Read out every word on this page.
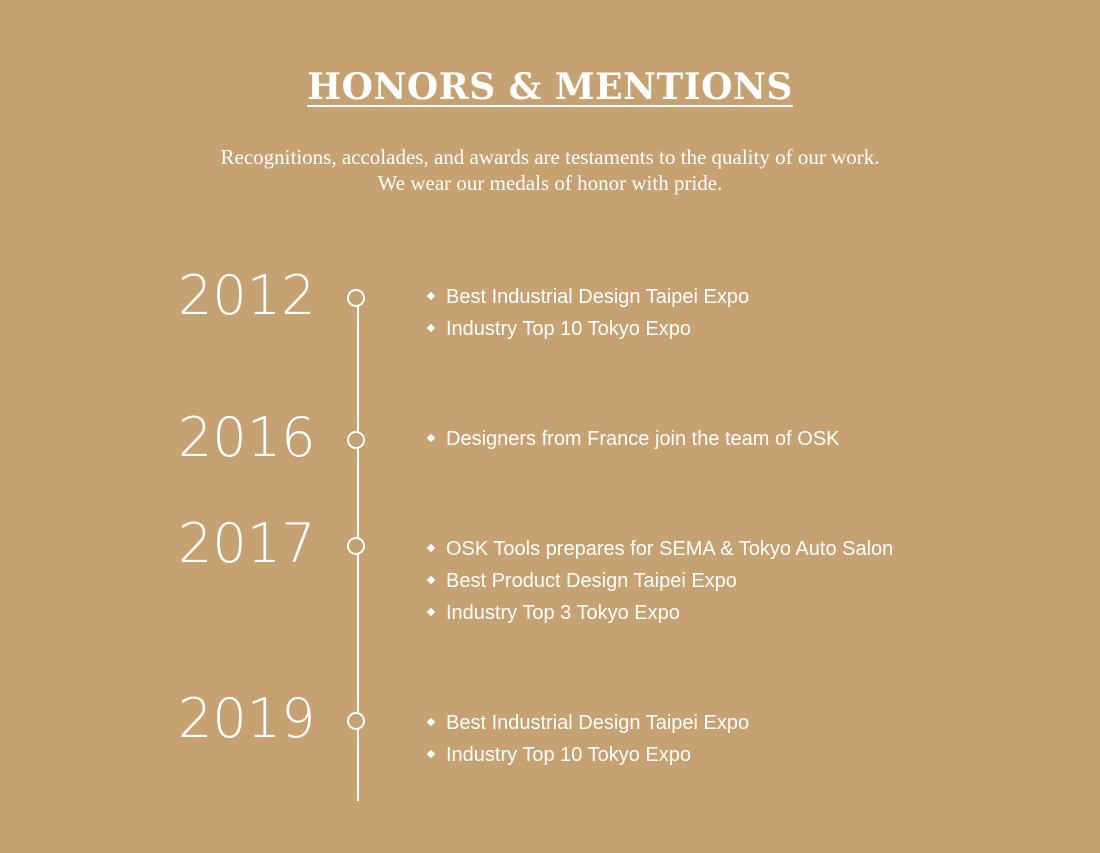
HONORS & MENTIONS
Recognitions, accolades, and awards are testaments to the quality of our work.
We wear our medals of honor with pride.
2012	Best Industrial Design Taipei Expo
Industry Top 10 Tokyo Expo
2016	Designers from France join the team of OSK
2017	OSK Tools prepares for SEMA & Tokyo Auto Salon
Best Product Design Taipei Expo
Industry Top 3 Tokyo Expo
2019	Best Industrial Design Taipei Expo
Industry Top 10 Tokyo Expo
